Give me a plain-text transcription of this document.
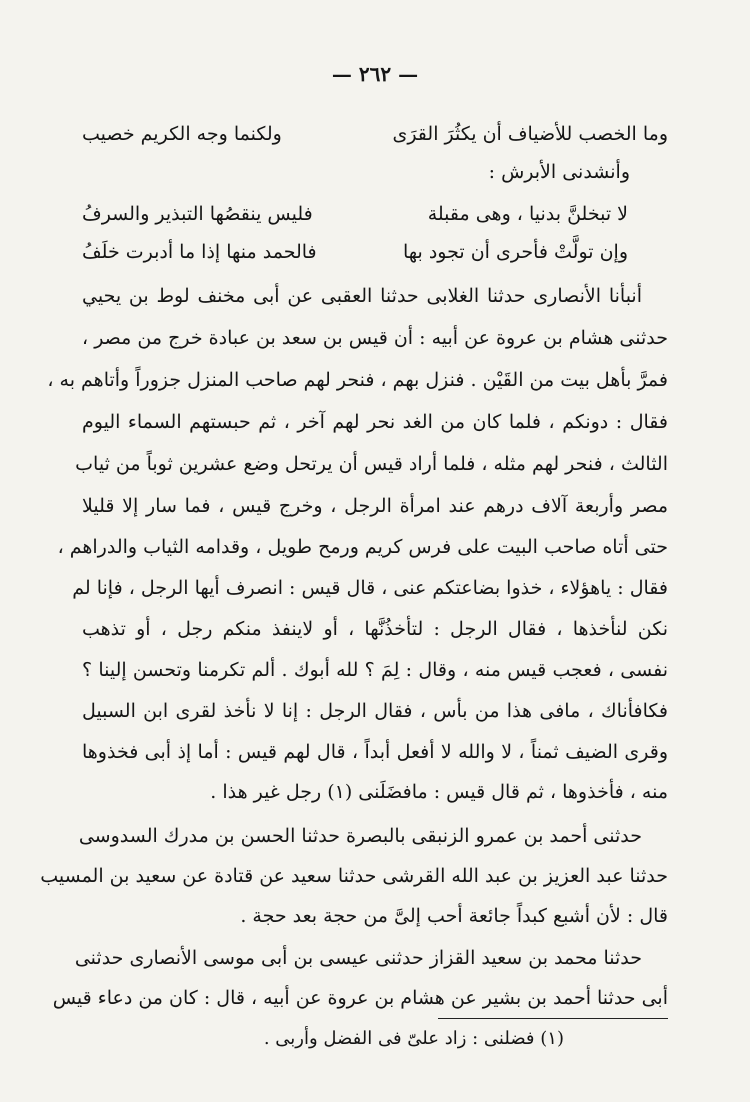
— ٢٦٢ —
وما الخصب للأضياف أن يكثُرَ القرَى
ولكنما وجه الكريم خصيب
وأنشدنى الأبرش :
لا تبخلنَّ بدنيا ، وهى مقبلة
فليس ينقصُها التبذير والسرفُ
وإن تولَّتْ فأحرى أن تجود بها
فالحمد منها إذا ما أدبرت خلَفُ
أنبأنا الأنصارى حدثنا الغلابى حدثنا العقبى عن أبى مخنف لوط بن يحيي
حدثنى هشام بن عروة عن أبيه : أن قيس بن سعد بن عبادة خرج من مصر ،
فمرَّ بأهل بيت من القَيْن . فنزل بهم ، فنحر لهم صاحب المنزل جزوراً وأتاهم به ،
فقال : دونكم ، فلما كان من الغد نحر لهم آخر ، ثم حبستهم السماء اليوم
الثالث ، فنحر لهم مثله ، فلما أراد قيس أن يرتحل وضع عشرين ثوباً من ثياب
مصر وأربعة آلاف درهم عند امرأة الرجل ، وخرج قيس ، فما سار إلا قليلا
حتى أتاه صاحب البيت على فرس كريم ورمح طويل ، وقدامه الثياب والدراهم ،
فقال : ياهؤلاء ، خذوا بضاعتكم عنى ، قال قيس : انصرف أيها الرجل ، فإنا لم
نكن لنأخذها ، فقال الرجل : لتأخذُنَّها ، أو لاينفذ منكم رجل ، أو تذهب
نفسى ، فعجب قيس منه ، وقال : لِمَ ؟ لله أبوك . ألم تكرمنا وتحسن إلينا ؟
فكافأناك ، مافى هذا من بأس ، فقال الرجل : إنا لا نأخذ لقرى ابن السبيل
وقرى الضيف ثمناً ، لا والله لا أفعل أبداً ، قال لهم قيس : أما إذ أبى فخذوها
منه ، فأخذوها ، ثم قال قيس : مافضَلَنى (١) رجل غير هذا .
حدثنى أحمد بن عمرو الزنبقى بالبصرة حدثنا الحسن بن مدرك السدوسى
حدثنا عبد العزيز بن عبد الله القرشى حدثنا سعيد عن قتادة عن سعيد بن المسيب
قال : لأن أشبع كبداً جائعة أحب إلىَّ من حجة بعد حجة .
حدثنا محمد بن سعيد القزاز حدثنى عيسى بن أبى موسى الأنصارى حدثنى
أبى حدثنا أحمد بن بشير عن هشام بن عروة عن أبيه ، قال : كان من دعاء قيس
(١) فضلنى : زاد علىّ فى الفضل وأربى .
